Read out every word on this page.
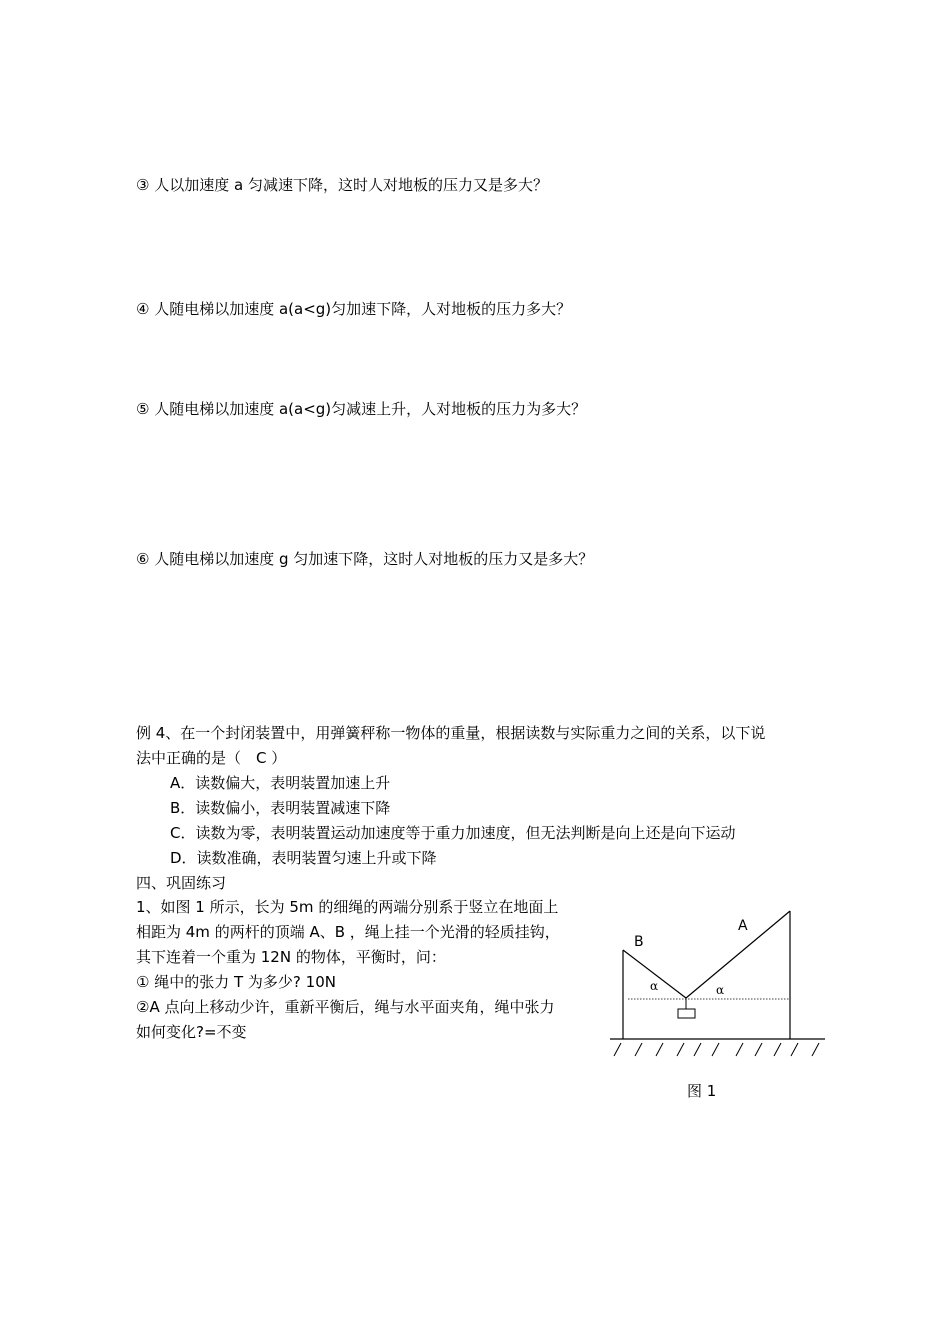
③ 人以加速度 a 匀减速下降，这时人对地板的压力又是多大？
④ 人随电梯以加速度 a(a<g)匀加速下降，人对地板的压力多大？
⑤ 人随电梯以加速度 a(a<g)匀减速上升，人对地板的压力为多大？
⑥ 人随电梯以加速度 g 匀加速下降，这时人对地板的压力又是多大？
例 4、在一个封闭装置中，用弹簧秤称一物体的重量，根据读数与实际重力之间的关系，以下说
法中正确的是（　C ）
A．读数偏大，表明装置加速上升
B．读数偏小，表明装置减速下降
C．读数为零，表明装置运动加速度等于重力加速度，但无法判断是向上还是向下运动
D．读数准确，表明装置匀速上升或下降
四、巩固练习
1、如图 1 所示，长为 5m 的细绳的两端分别系于竖立在地面上
相距为 4m 的两杆的顶端 A、B ，绳上挂一个光滑的轻质挂钩，
其下连着一个重为 12N 的物体，平衡时，问：
① 绳中的张力 T 为多少? 10N
②A 点向上移动少许，重新平衡后，绳与水平面夹角，绳中张力
如何变化?=不变
A
B
α	α
图 1
